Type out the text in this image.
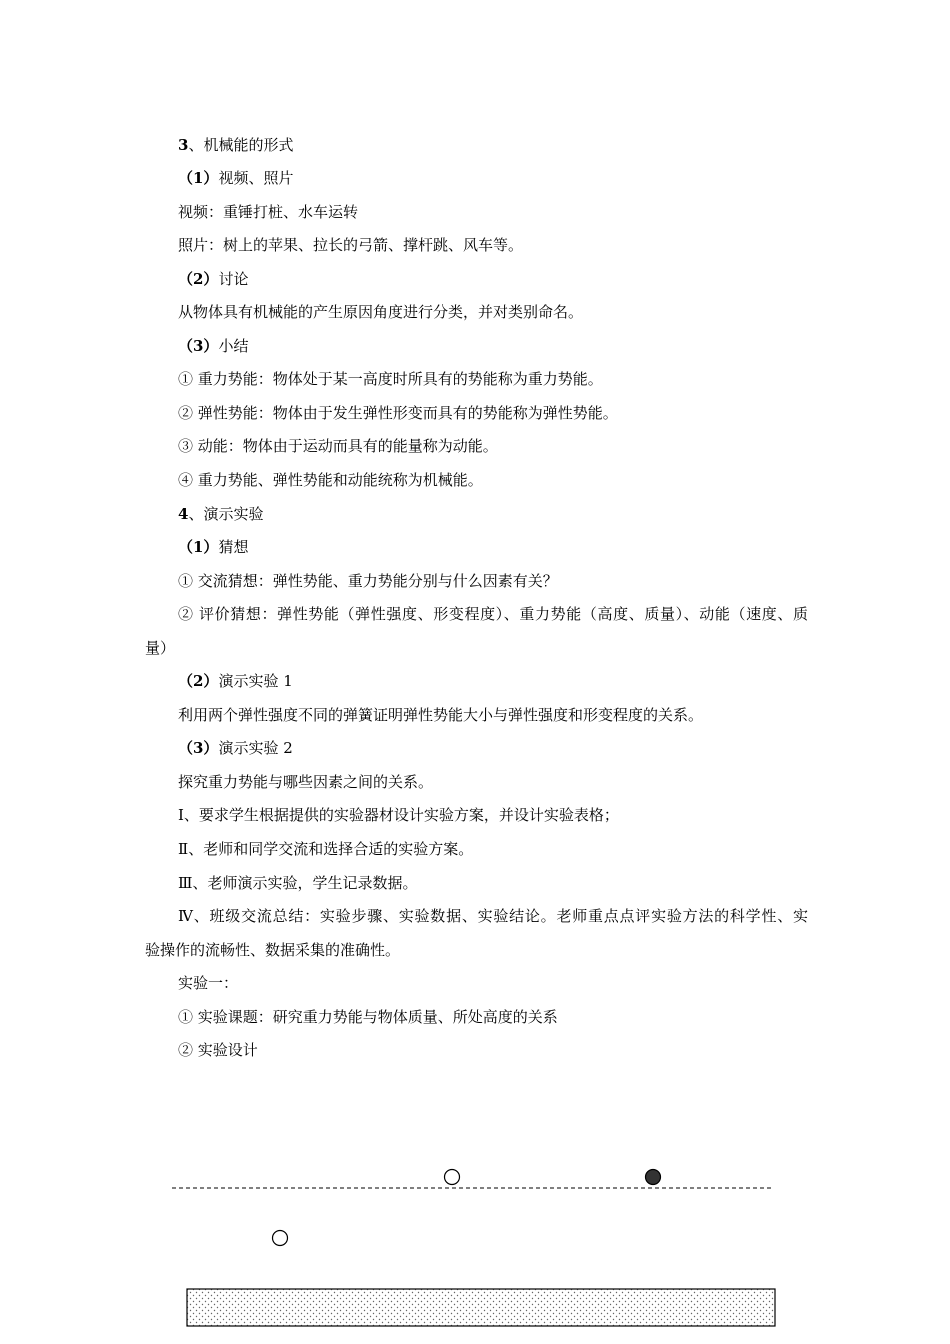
3、机械能的形式
（1）视频、照片
视频：重锤打桩、水车运转
照片：树上的苹果、拉长的弓箭、撑杆跳、风车等。
（2）讨论
从物体具有机械能的产生原因角度进行分类，并对类别命名。
（3）小结
① 重力势能：物体处于某一高度时所具有的势能称为重力势能。
② 弹性势能：物体由于发生弹性形变而具有的势能称为弹性势能。
③ 动能：物体由于运动而具有的能量称为动能。
④ 重力势能、弹性势能和动能统称为机械能。
4、演示实验
（1）猜想
① 交流猜想：弹性势能、重力势能分别与什么因素有关？
② 评价猜想：弹性势能（弹性强度、形变程度）、重力势能（高度、质量）、动能（速度、质
量）
（2）演示实验 1
利用两个弹性强度不同的弹簧证明弹性势能大小与弹性强度和形变程度的关系。
（3）演示实验 2
探究重力势能与哪些因素之间的关系。
Ⅰ、要求学生根据提供的实验器材设计实验方案，并设计实验表格；
Ⅱ、老师和同学交流和选择合适的实验方案。
Ⅲ、老师演示实验，学生记录数据。
Ⅳ、班级交流总结：实验步骤、实验数据、实验结论。老师重点点评实验方法的科学性、实
验操作的流畅性、数据采集的准确性。
实验一：
① 实验课题：研究重力势能与物体质量、所处高度的关系
② 实验设计
